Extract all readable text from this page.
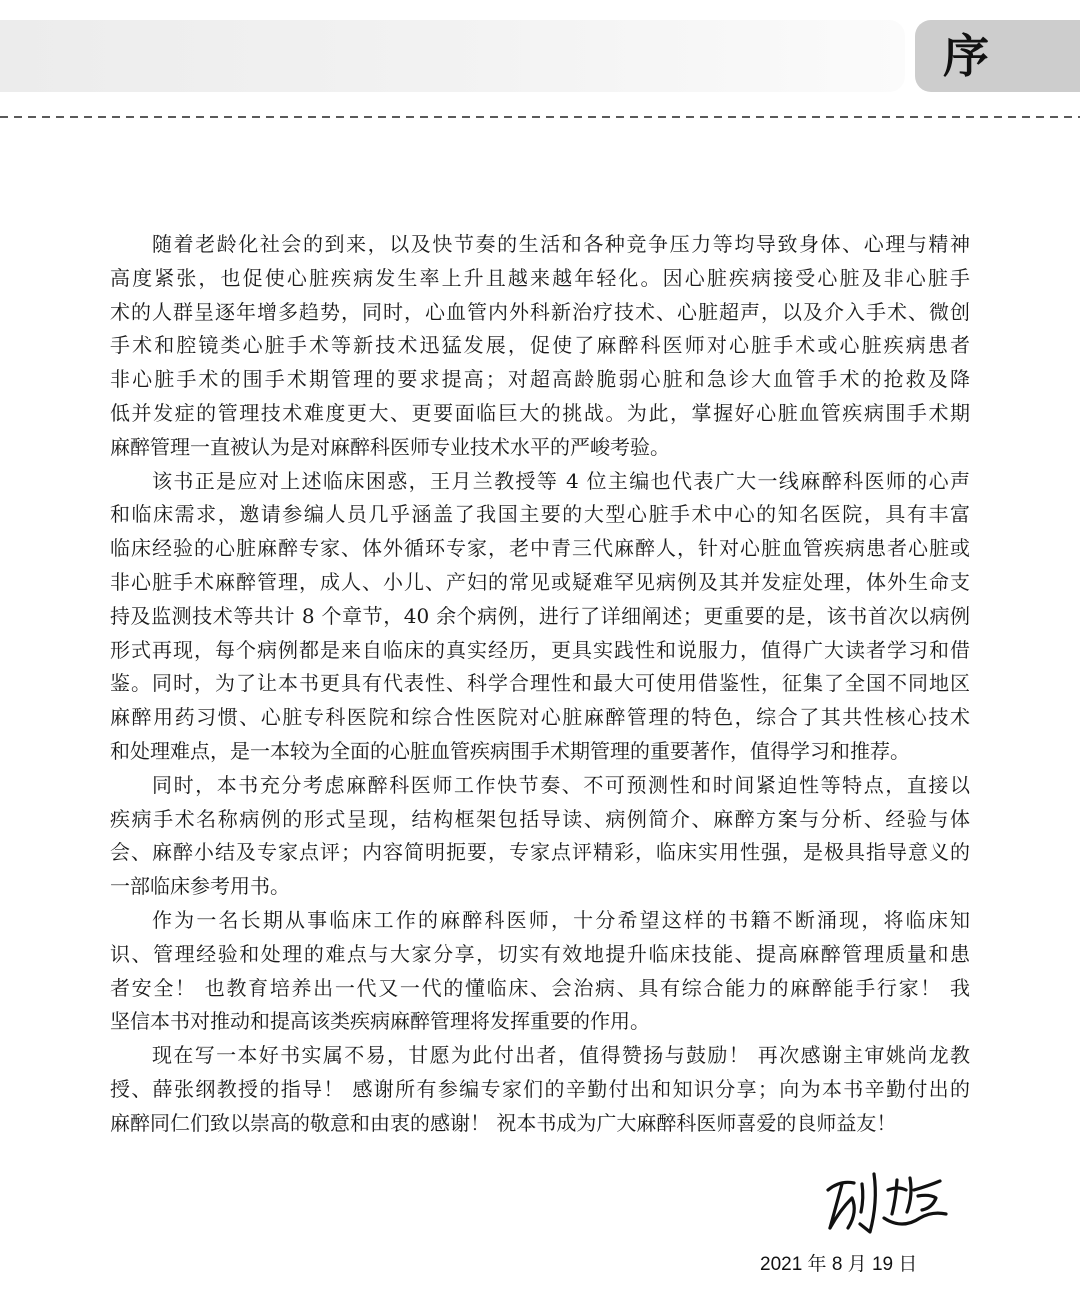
序
随着老龄化社会的到来，以及快节奏的生活和各种竞争压力等均导致身体、心理与精神
高度紧张，也促使心脏疾病发生率上升且越来越年轻化。因心脏疾病接受心脏及非心脏手
术的人群呈逐年增多趋势，同时，心血管内外科新治疗技术、心脏超声，以及介入手术、微创
手术和腔镜类心脏手术等新技术迅猛发展，促使了麻醉科医师对心脏手术或心脏疾病患者
非心脏手术的围手术期管理的要求提高；对超高龄脆弱心脏和急诊大血管手术的抢救及降
低并发症的管理技术难度更大、更要面临巨大的挑战。为此，掌握好心脏血管疾病围手术期
麻醉管理一直被认为是对麻醉科医师专业技术水平的严峻考验。
该书正是应对上述临床困惑，王月兰教授等 4 位主编也代表广大一线麻醉科医师的心声
和临床需求，邀请参编人员几乎涵盖了我国主要的大型心脏手术中心的知名医院，具有丰富
临床经验的心脏麻醉专家、体外循环专家，老中青三代麻醉人，针对心脏血管疾病患者心脏或
非心脏手术麻醉管理，成人、小儿、产妇的常见或疑难罕见病例及其并发症处理，体外生命支
持及监测技术等共计 8 个章节，40 余个病例，进行了详细阐述；更重要的是，该书首次以病例
形式再现，每个病例都是来自临床的真实经历，更具实践性和说服力，值得广大读者学习和借
鉴。同时，为了让本书更具有代表性、科学合理性和最大可使用借鉴性，征集了全国不同地区
麻醉用药习惯、心脏专科医院和综合性医院对心脏麻醉管理的特色，综合了其共性核心技术
和处理难点，是一本较为全面的心脏血管疾病围手术期管理的重要著作，值得学习和推荐。
同时，本书充分考虑麻醉科医师工作快节奏、不可预测性和时间紧迫性等特点，直接以
疾病手术名称病例的形式呈现，结构框架包括导读、病例简介、麻醉方案与分析、经验与体
会、麻醉小结及专家点评；内容简明扼要，专家点评精彩，临床实用性强，是极具指导意义的
一部临床参考用书。
作为一名长期从事临床工作的麻醉科医师，十分希望这样的书籍不断涌现，将临床知
识、管理经验和处理的难点与大家分享，切实有效地提升临床技能、提高麻醉管理质量和患
者安全！ 也教育培养出一代又一代的懂临床、会治病、具有综合能力的麻醉能手行家！ 我
坚信本书对推动和提高该类疾病麻醉管理将发挥重要的作用。
现在写一本好书实属不易，甘愿为此付出者，值得赞扬与鼓励！ 再次感谢主审姚尚龙教
授、薛张纲教授的指导！ 感谢所有参编专家们的辛勤付出和知识分享；向为本书辛勤付出的
麻醉同仁们致以崇高的敬意和由衷的感谢！ 祝本书成为广大麻醉科医师喜爱的良师益友！
2021 年 8 月 19 日
